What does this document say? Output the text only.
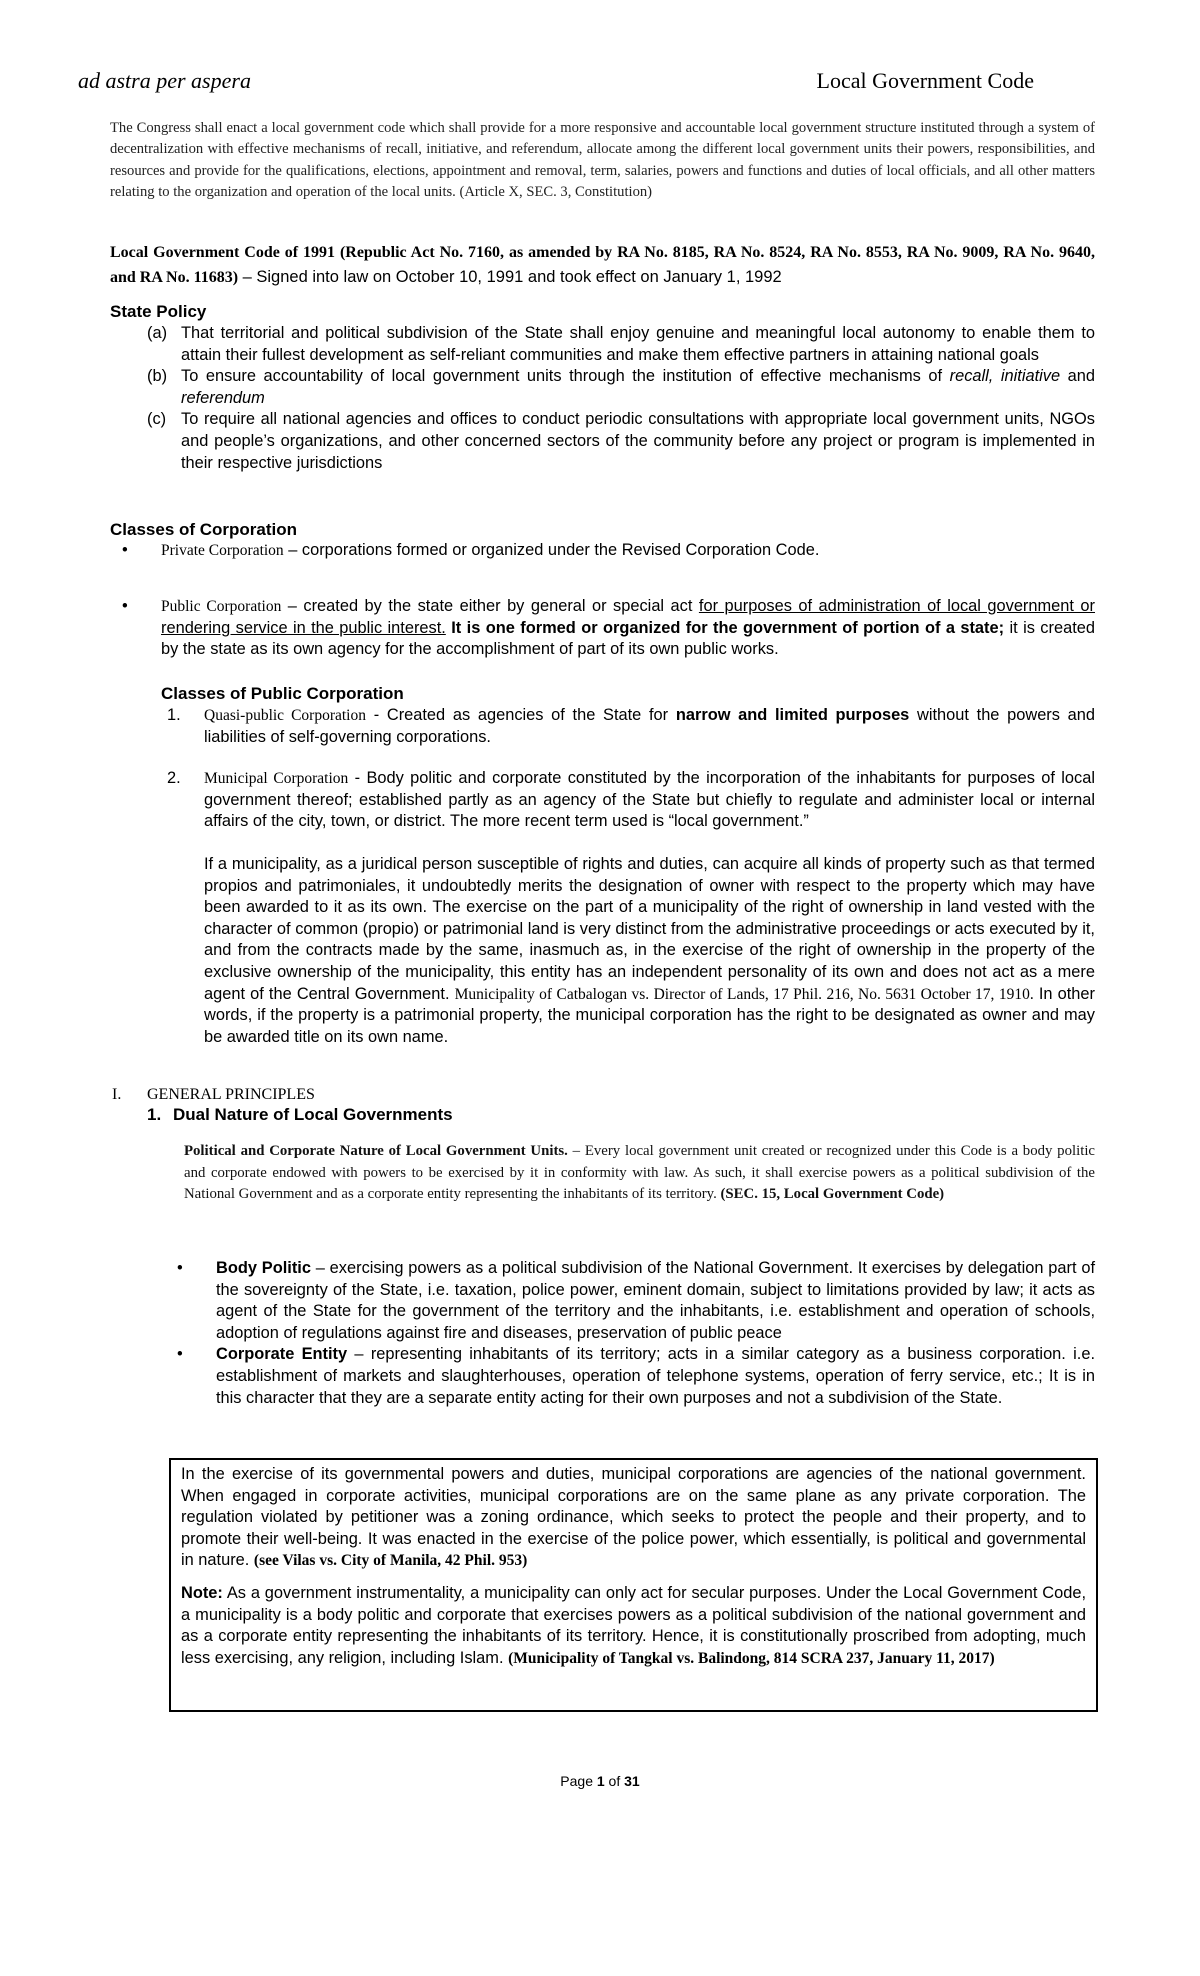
ad astra per aspera	Local Government Code
The Congress shall enact a local government code which shall provide for a more responsive and accountable local government structure instituted through a system of decentralization with effective mechanisms of recall, initiative, and referendum, allocate among the different local government units their powers, responsibilities, and resources and provide for the qualifications, elections, appointment and removal, term, salaries, powers and functions and duties of local officials, and all other matters relating to the organization and operation of the local units. (Article X, SEC. 3, Constitution)
Local Government Code of 1991 (Republic Act No. 7160, as amended by RA No. 8185, RA No. 8524, RA No. 8553, RA No. 9009, RA No. 9640, and RA No. 11683) – Signed into law on October 10, 1991 and took effect on January 1, 1992
State Policy
(a) That territorial and political subdivision of the State shall enjoy genuine and meaningful local autonomy to enable them to attain their fullest development as self-reliant communities and make them effective partners in attaining national goals
(b) To ensure accountability of local government units through the institution of effective mechanisms of recall, initiative and referendum
(c) To require all national agencies and offices to conduct periodic consultations with appropriate local government units, NGOs and people’s organizations, and other concerned sectors of the community before any project or program is implemented in their respective jurisdictions
Classes of Corporation
•	Private Corporation – corporations formed or organized under the Revised Corporation Code.
•	Public Corporation – created by the state either by general or special act for purposes of administration of local government or rendering service in the public interest. It is one formed or organized for the government of portion of a state; it is created by the state as its own agency for the accomplishment of part of its own public works.
Classes of Public Corporation
1.	Quasi-public Corporation - Created as agencies of the State for narrow and limited purposes without the powers and liabilities of self-governing corporations.
2.	Municipal Corporation - Body politic and corporate constituted by the incorporation of the inhabitants for purposes of local government thereof; established partly as an agency of the State but chiefly to regulate and administer local or internal affairs of the city, town, or district. The more recent term used is “local government.”
If a municipality, as a juridical person susceptible of rights and duties, can acquire all kinds of property such as that termed propios and patrimoniales, it undoubtedly merits the designation of owner with respect to the property which may have been awarded to it as its own. The exercise on the part of a municipality of the right of ownership in land vested with the character of common (propio) or patrimonial land is very distinct from the administrative proceedings or acts executed by it, and from the contracts made by the same, inasmuch as, in the exercise of the right of ownership in the property of the exclusive ownership of the municipality, this entity has an independent personality of its own and does not act as a mere agent of the Central Government. Municipality of Catbalogan vs. Director of Lands, 17 Phil. 216, No. 5631 October 17, 1910. In other words, if the property is a patrimonial property, the municipal corporation has the right to be designated as owner and may be awarded title on its own name.
I.	GENERAL PRINCIPLES
1. Dual Nature of Local Governments
Political and Corporate Nature of Local Government Units. – Every local government unit created or recognized under this Code is a body politic and corporate endowed with powers to be exercised by it in conformity with law. As such, it shall exercise powers as a political subdivision of the National Government and as a corporate entity representing the inhabitants of its territory. (SEC. 15, Local Government Code)
•	Body Politic – exercising powers as a political subdivision of the National Government. It exercises by delegation part of the sovereignty of the State, i.e. taxation, police power, eminent domain, subject to limitations provided by law; it acts as agent of the State for the government of the territory and the inhabitants, i.e. establishment and operation of schools, adoption of regulations against fire and diseases, preservation of public peace
•	Corporate Entity – representing inhabitants of its territory; acts in a similar category as a business corporation. i.e. establishment of markets and slaughterhouses, operation of telephone systems, operation of ferry service, etc.; It is in this character that they are a separate entity acting for their own purposes and not a subdivision of the State.
In the exercise of its governmental powers and duties, municipal corporations are agencies of the national government. When engaged in corporate activities, municipal corporations are on the same plane as any private corporation. The regulation violated by petitioner was a zoning ordinance, which seeks to protect the people and their property, and to promote their well-being. It was enacted in the exercise of the police power, which essentially, is political and governmental in nature. (see Vilas vs. City of Manila, 42 Phil. 953)
Note: As a government instrumentality, a municipality can only act for secular purposes. Under the Local Government Code, a municipality is a body politic and corporate that exercises powers as a political subdivision of the national government and as a corporate entity representing the inhabitants of its territory. Hence, it is constitutionally proscribed from adopting, much less exercising, any religion, including Islam. (Municipality of Tangkal vs. Balindong, 814 SCRA 237, January 11, 2017)
Page 1 of 31
